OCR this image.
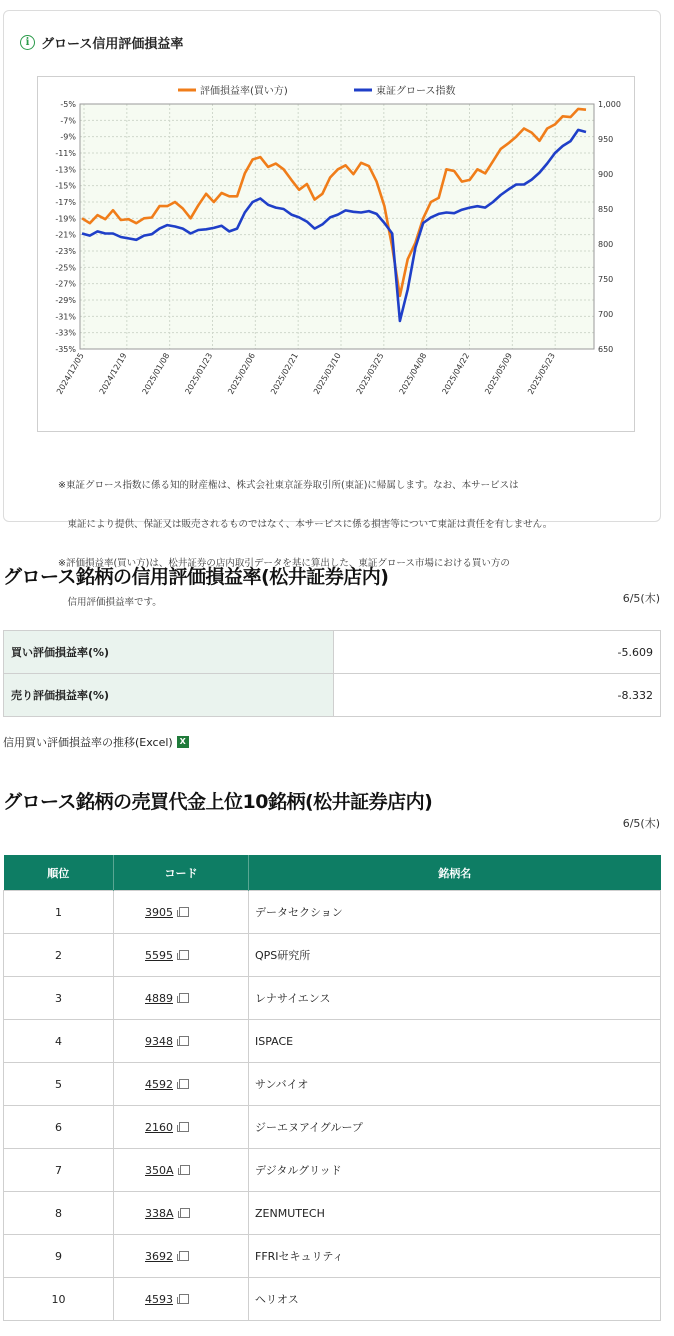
i グロース信用評価損益率
-5%
-7%
-9%
-11%
-13%
-15%
-17%
-19%
-21%
-23%
-25%
-27%
-29%
-31%
-33%
-35%
1,000
950
900
850
800
750
700
650
2024/12/05 2024/12/19 2025/01/08 2025/01/23 2025/02/06 2025/02/21 2025/03/10 2025/03/25 2025/04/08 2025/04/22 2025/05/09 2025/05/23
評価損益率(買い方)	東証グロース指数

※東証グロース指数に係る知的財産権は、株式会社東京証券取引所(東証)に帰属します。なお、本サービスは

　東証により提供、保証又は販売されるものではなく、本サービスに係る損害等について東証は責任を有しません。

※評価損益率(買い方)は、松井証券の店内取引データを基に算出した、東証グロース市場における買い方の

　信用評価損益率です。

グロース銘柄の信用評価損益率(松井証券店内)
6/5(木)
買い評価損益率(%)	-5.609
売り評価損益率(%)	-8.332
信用買い評価損益率の推移(Excel) X
グロース銘柄の売買代金上位10銘柄(松井証券店内)
6/5(木)
順位	コード	銘柄名
1	3905	データセクション
2	5595	QPS研究所
3	4889	レナサイエンス
4	9348	ISPACE
5	4592	サンバイオ
6	2160	ジーエヌアイグループ
7	350A	デジタルグリッド
8	338A	ZENMUTECH
9	3692	FFRIセキュリティ
10	4593	ヘリオス
